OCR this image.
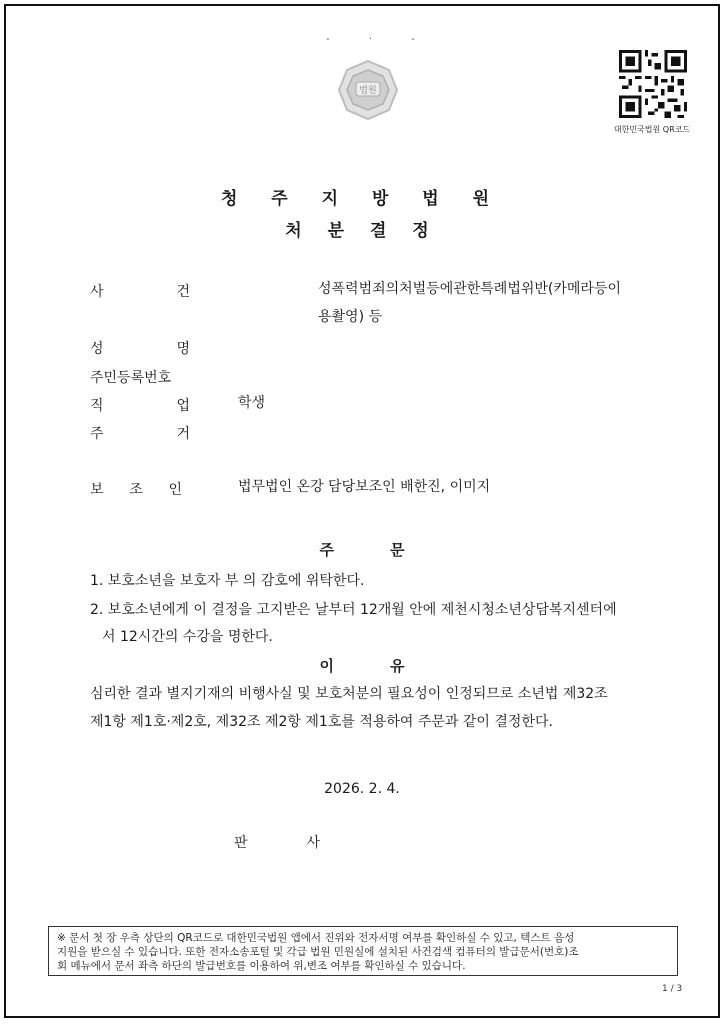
- · -
법원
대한민국법원 QR코드
청 주 지 방 법 원
처 분 결 정
사	건	성폭력범죄의처벌등에관한특례법위반(카메라등이
용촬영) 등
성	명
주민등록번호
직	업	학생
주	거
보 조 인	법무법인 온강 담당보조인 배한진, 이미지
주문
1. 보호소년을 보호자 부 의 감호에 위탁한다.
2. 보호소년에게 이 결정을 고지받은 날부터 12개월 안에 제천시청소년상담복지센터에
서 12시간의 수강을 명한다.
이유
심리한 결과 별지기재의 비행사실 및 보호처분의 필요성이 인정되므로 소년법 제32조
제1항 제1호·제2호, 제32조 제2항 제1호를 적용하여 주문과 같이 결정한다.
2026. 2. 4.
판	사
※ 문서 첫 장 우측 상단의 QR코드로 대한민국법원 앱에서 진위와 전자서명 여부를 확인하실 수 있고, 텍스트 음성
지원을 받으실 수 있습니다. 또한 전자소송포털 및 각급 법원 민원실에 설치된 사건검색 컴퓨터의 발급문서(번호)조
회 메뉴에서 문서 좌측 하단의 발급번호를 이용하여 위,변조 여부를 확인하실 수 있습니다.
1 / 3
